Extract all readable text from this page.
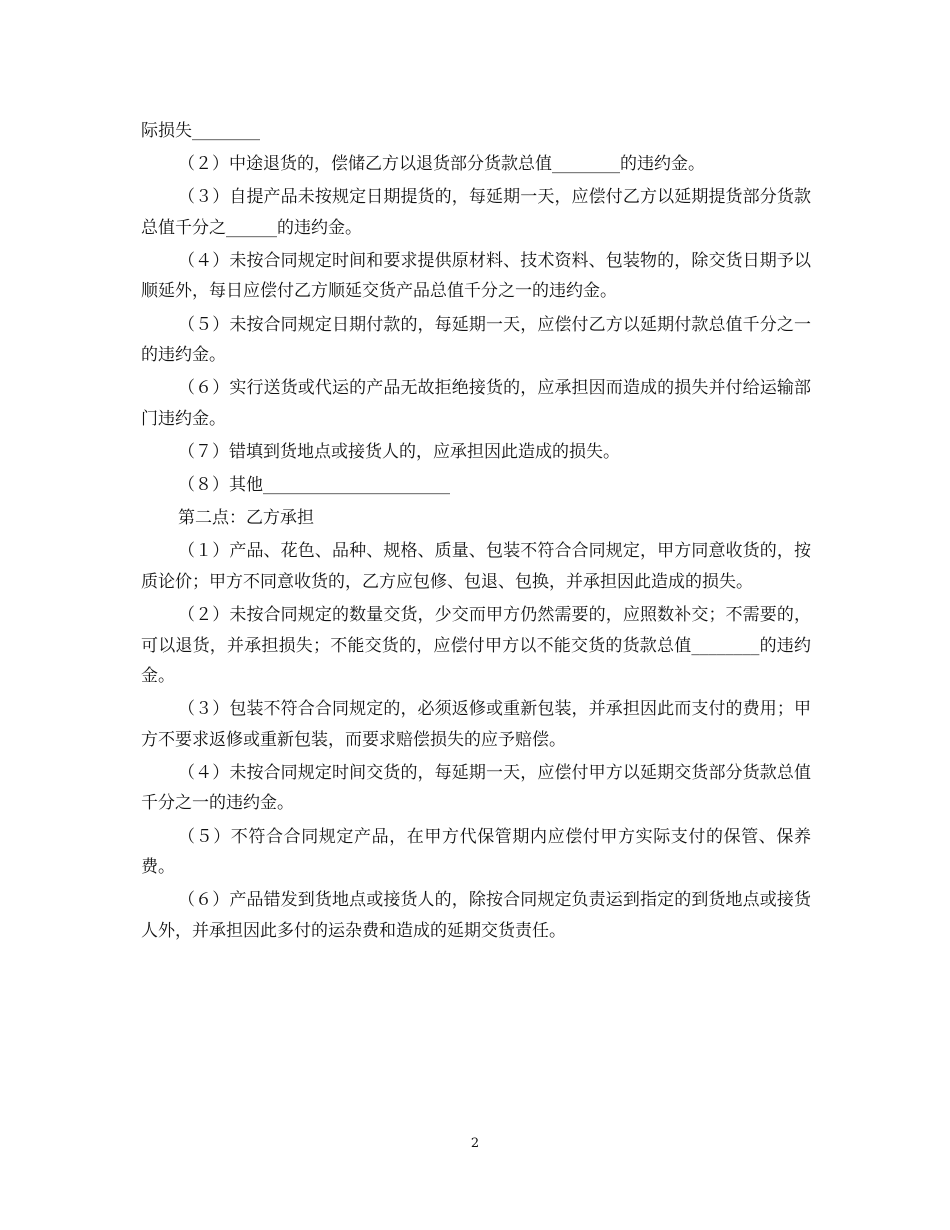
际损失________

（２）中途退货的，偿储乙方以退货部分货款总值________的违约金。

（３）自提产品未按规定日期提货的，每延期一天，应偿付乙方以延期提货部分货款总值千分之______的违约金。

（４）未按合同规定时间和要求提供原材料、技术资料、包装物的，除交货日期予以顺延外，每日应偿付乙方顺延交货产品总值千分之一的违约金。

（５）未按合同规定日期付款的，每延期一天，应偿付乙方以延期付款总值千分之一的违约金。

（６）实行送货或代运的产品无故拒绝接货的，应承担因而造成的损失并付给运输部门违约金。

（７）错填到货地点或接货人的，应承担因此造成的损失。

（８）其他______________________

第二点：乙方承担

（１）产品、花色、品种、规格、质量、包装不符合合同规定，甲方同意收货的，按质论价；甲方不同意收货的，乙方应包修、包退、包换，并承担因此造成的损失。

（２）未按合同规定的数量交货，少交而甲方仍然需要的，应照数补交；不需要的，可以退货，并承担损失；不能交货的，应偿付甲方以不能交货的货款总值________的违约金。

（３）包装不符合合同规定的，必须返修或重新包装，并承担因此而支付的费用；甲方不要求返修或重新包装，而要求赔偿损失的应予赔偿。

（４）未按合同规定时间交货的，每延期一天，应偿付甲方以延期交货部分货款总值千分之一的违约金。

（５）不符合合同规定产品，在甲方代保管期内应偿付甲方实际支付的保管、保养费。

（６）产品错发到货地点或接货人的，除按合同规定负责运到指定的到货地点或接货人外，并承担因此多付的运杂费和造成的延期交货责任。

2
